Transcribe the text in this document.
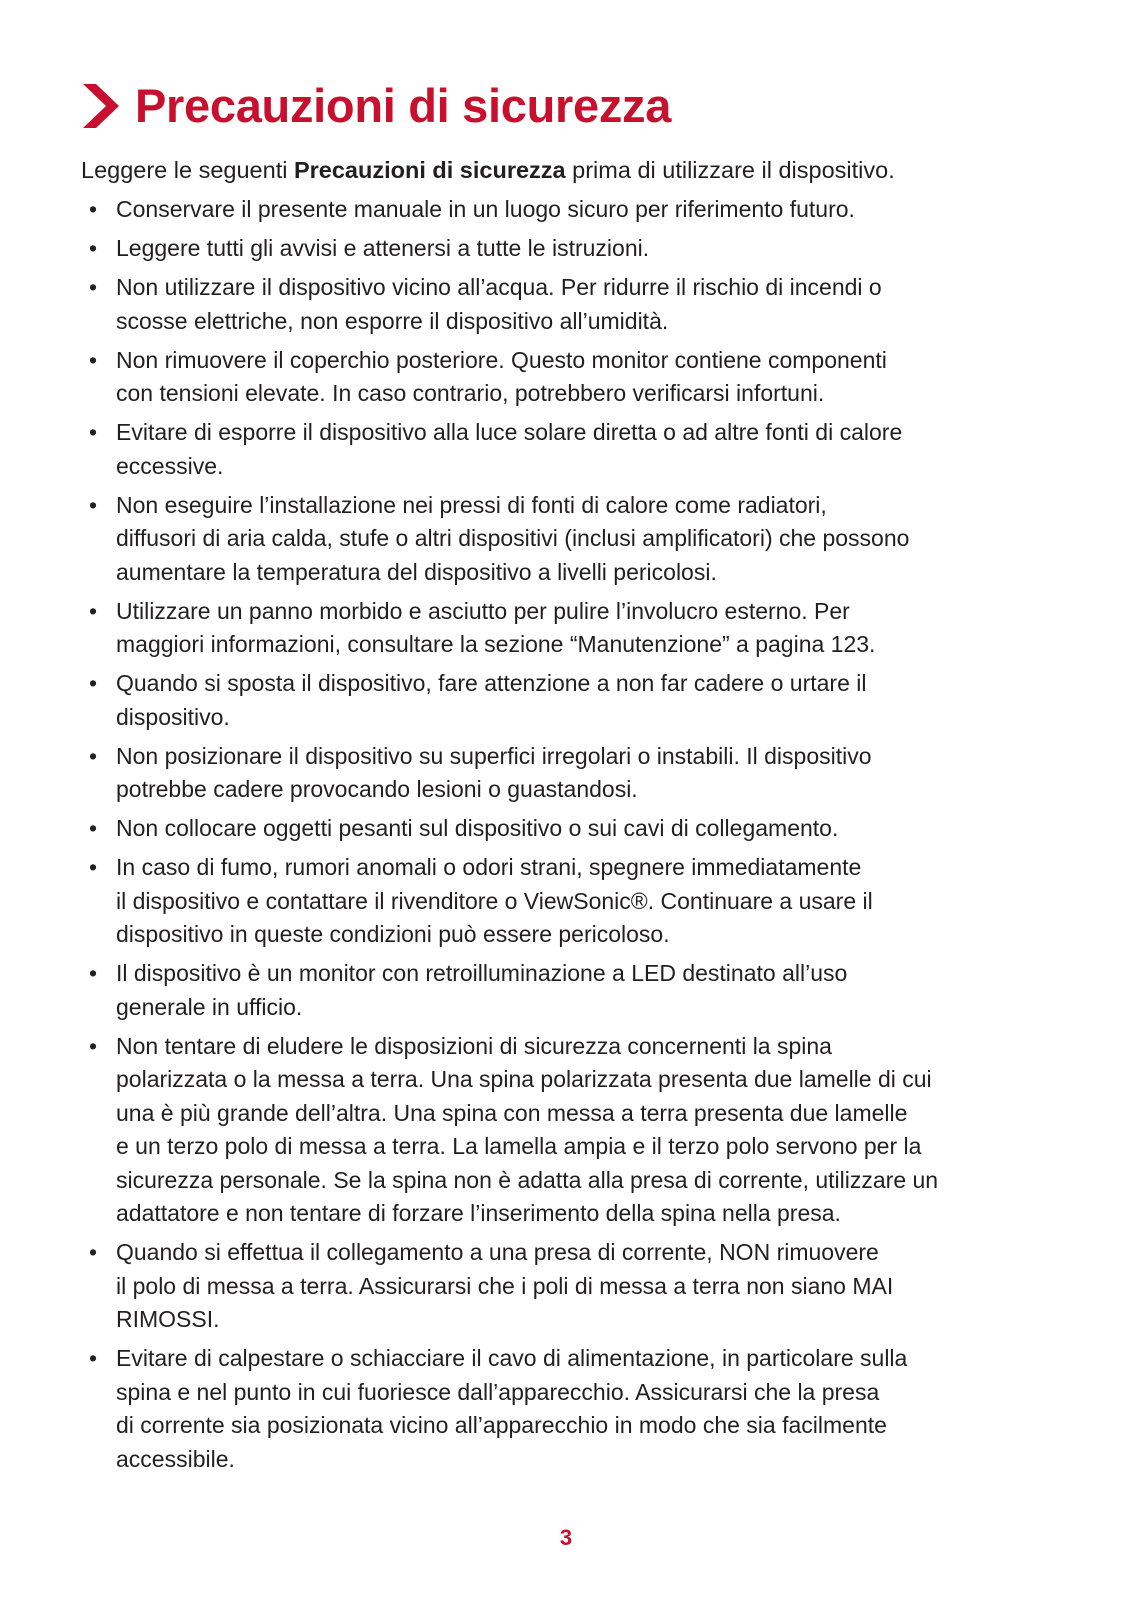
Precauzioni di sicurezza
Leggere le seguenti Precauzioni di sicurezza prima di utilizzare il dispositivo.
• Conservare il presente manuale in un luogo sicuro per riferimento futuro.
• Leggere tutti gli avvisi e attenersi a tutte le istruzioni.
• Non utilizzare il dispositivo vicino all’acqua. Per ridurre il rischio di incendi o
scosse elettriche, non esporre il dispositivo all’umidità.
• Non rimuovere il coperchio posteriore. Questo monitor contiene componenti
con tensioni elevate. In caso contrario, potrebbero verificarsi infortuni.
• Evitare di esporre il dispositivo alla luce solare diretta o ad altre fonti di calore
eccessive.
• Non eseguire l’installazione nei pressi di fonti di calore come radiatori,
diffusori di aria calda, stufe o altri dispositivi (inclusi amplificatori) che possono
aumentare la temperatura del dispositivo a livelli pericolosi.
• Utilizzare un panno morbido e asciutto per pulire l’involucro esterno. Per
maggiori informazioni, consultare la sezione “Manutenzione” a pagina 123.
• Quando si sposta il dispositivo, fare attenzione a non far cadere o urtare il
dispositivo.
• Non posizionare il dispositivo su superfici irregolari o instabili. Il dispositivo
potrebbe cadere provocando lesioni o guastandosi.
• Non collocare oggetti pesanti sul dispositivo o sui cavi di collegamento.
• In caso di fumo, rumori anomali o odori strani, spegnere immediatamente
il dispositivo e contattare il rivenditore o ViewSonic®. Continuare a usare il
dispositivo in queste condizioni può essere pericoloso.
• Il dispositivo è un monitor con retroilluminazione a LED destinato all’uso
generale in ufficio.
• Non tentare di eludere le disposizioni di sicurezza concernenti la spina
polarizzata o la messa a terra. Una spina polarizzata presenta due lamelle di cui
una è più grande dell’altra. Una spina con messa a terra presenta due lamelle
e un terzo polo di messa a terra. La lamella ampia e il terzo polo servono per la
sicurezza personale. Se la spina non è adatta alla presa di corrente, utilizzare un
adattatore e non tentare di forzare l’inserimento della spina nella presa.
• Quando si effettua il collegamento a una presa di corrente, NON rimuovere
il polo di messa a terra. Assicurarsi che i poli di messa a terra non siano MAI
RIMOSSI.
• Evitare di calpestare o schiacciare il cavo di alimentazione, in particolare sulla
spina e nel punto in cui fuoriesce dall’apparecchio. Assicurarsi che la presa
di corrente sia posizionata vicino all’apparecchio in modo che sia facilmente
accessibile.
3
